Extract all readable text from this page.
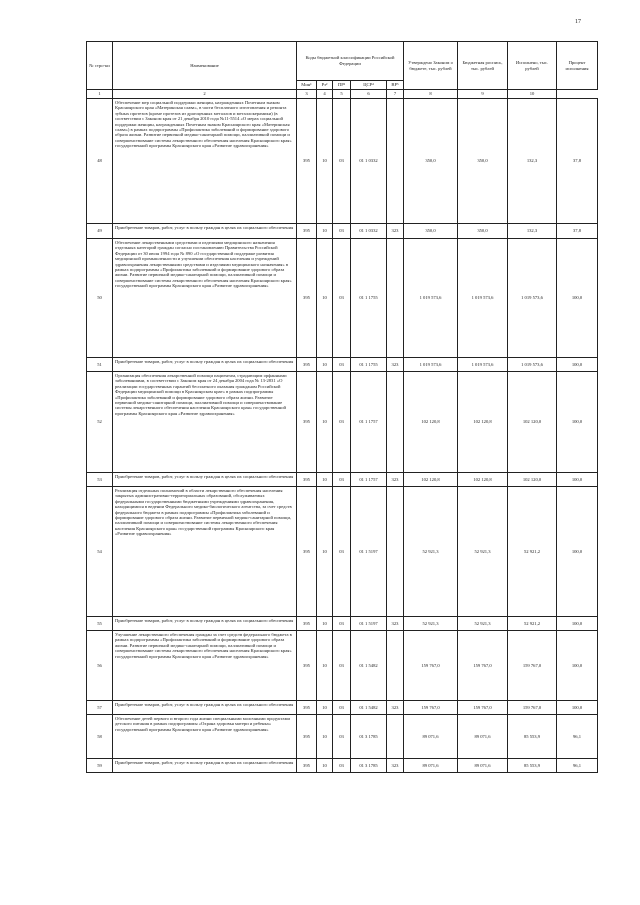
17
№ стро-ки	Наименование	Коды бюджетной классификации Российской Федерации					Утверждено Законом о бюджете, тыс. рублей	Бюджетная роспись, тыс. рублей	Исполнено, тыс. рублей	Процент исполнения
		Мин¹	Рз²	ПР³	ЦСР⁴	ВР⁵				
1	2	3	4	5	6	7	8	9	10	
48	Обеспечение мер социальной поддержки женщин, награжденных Почетным знаком Красноярского края «Материнская слава», в части бесплатного изготовления и ремонта зубных протезов (кроме протезов из драгоценных металлов и металлокерамики) (в соответствии с Законом края от 21 декабря 2010 года №11-5514 «О мерах социальной поддержки женщин, награжденных Почетным знаком Красноярского края «Материнская слава») в рамках подпрограммы «Профилактика заболеваний и формирование здорового образа жизни. Развитие первичной медико-санитарной помощи, паллиативной помощи и совершенствование системы лекарственного обеспечения населения Красноярского края» государственной программы Красноярского края «Развитие здравоохранения»	395	10	03	01 1 0332		350,0	350,0	132,3	37,8
49	Приобретение товаров, работ, услуг в пользу граждан в целях их социального обеспечения	395	10	03	01 1 0332	323	350,0	350,0	132,3	37,8
50	Обеспечение лекарственными средствами и изделиями медицинского назначения отдельных категорий граждан согласно постановлению Правительства Российской Федерации от 30 июля 1994 года № 890 «О государственной поддержке развития медицинской промышленности и улучшении обеспечения населения и учреждений здравоохранения лекарственными средствами и изделиями медицинского назначения» в рамках подпрограммы «Профилактика заболеваний и формирование здорового образа жизни. Развитие первичной медико-санитарной помощи, паллиативной помощи и совершенствование системы лекарственного обеспечения населения Красноярского края» государственной программы Красноярского края «Развитие здравоохранения»	395	10	03	01 1 1755		1 019 573,6	1 019 573,6	1 019 573,6	100,0
51	Приобретение товаров, работ, услуг в пользу граждан в целях их социального обеспечения	395	10	03	01 1 1755	323	1 019 573,6	1 019 573,6	1 019 573,6	100,0
52	Организация обеспечения лекарственной помощи пациентам, страдающим орфанными заболеваниями, в соответствии с Законом края от 24 декабря 2004 года № 13-2831 «О реализации государственных гарантий бесплатного оказания гражданам Российской Федерации медицинской помощи в Красноярском крае» в рамках подпрограммы «Профилактика заболеваний и формирование здорового образа жизни. Развитие первичной медико-санитарной помощи, паллиативной помощи и совершенствование системы лекарственного обеспечения населения Красноярского края» государственной программы Красноярского края «Развитие здравоохранения»	395	10	03	01 1 1757		102 120,8	102 120,8	102 120,0	100,0
53	Приобретение товаров, работ, услуг в пользу граждан в целях их социального обеспечения	395	10	03	01 1 1757	323	102 120,8	102 120,8	102 120,0	100,0
54	Реализация отдельных полномочий в области лекарственного обеспечения населения закрытых административно-территориальных образований, обслуживаемых федеральными государственными бюджетными учреждениями здравоохранения, находящимися в ведении Федерального медико-биологического агентства, за счет средств федерального бюджета в рамках подпрограммы «Профилактика заболеваний и формирование здорового образа жизни. Развитие первичной медико-санитарной помощи, паллиативной помощи и совершенствование системы лекарственного обеспечения населения Красноярского края» государственной программы Красноярского края «Развитие здравоохранения»	395	10	03	01 1 5197		52 921,3	52 921,3	52 921,2	100,0
55	Приобретение товаров, работ, услуг в пользу граждан в целях их социального обеспечения	395	10	03	01 1 5197	323	52 921,3	52 921,3	52 921,2	100,0
56	Улучшение лекарственного обеспечения граждан за счет средств федерального бюджета в рамках подпрограммы «Профилактика заболеваний и формирование здорового образа жизни. Развитие первичной медико-санитарной помощи, паллиативной помощи и совершенствование системы лекарственного обеспечения населения Красноярского края» государственной программы Красноярского края «Развитие здравоохранения»	395	10	03	01 1 5482		159 767,0	159 767,0	159 767,0	100,0
57	Приобретение товаров, работ, услуг в пользу граждан в целях их социального обеспечения	395	10	03	01 1 5482	323	159 767,0	159 767,0	159 767,0	100,0
58	Обеспечение детей первого и второго года жизни специальными молочными продуктами детского питания в рамках подпрограммы «Охрана здоровья матери и ребенка» государственной программы Красноярского края «Развитие здравоохранения»	395	10	03	01 3 1785		89 071,6	89 071,6	85 553,9	96,1
59	Приобретение товаров, работ, услуг в пользу граждан в целях их социального обеспечения	395	10	03	01 3 1785	323	89 071,6	89 071,6	85 553,9	96,1
